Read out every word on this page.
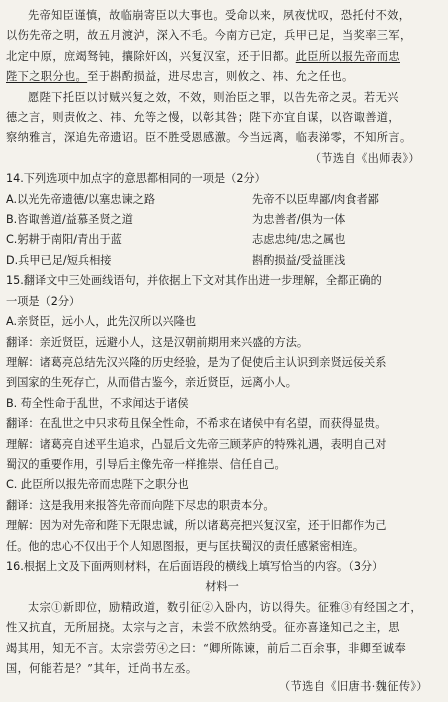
先帝知臣谨慎，故临崩寄臣以大事也。受命以来，夙夜忧叹，恐托付不效，
以伤先帝之明，故五月渡泸，深入不毛。今南方已定，兵甲已足，当奖率三军，
北定中原，庶竭驽钝，攘除奸凶，兴复汉室，还于旧都。此臣所以报先帝而忠
陛下之职分也。至于斟酌损益，进尽忠言，则攸之、祎、允之任也。
愿陛下托臣以讨贼兴复之效，不效，则治臣之罪，以告先帝之灵。若无兴
德之言，则责攸之、祎、允等之慢，以彰其咎；陛下亦宜自谋，以咨诹善道，
察纳雅言，深追先帝遗诏。臣不胜受恩感激。今当远离，临表涕零，不知所言。
（节选自《出师表》）
14.下列选项中加点字的意思都相同的一项是（2分）
A.以光先帝遗德/以塞忠谏之路	先帝不以臣卑鄙/肉食者鄙
B.咨诹善道/益慕圣贤之道	为忠善者/俱为一体
C.躬耕于南阳/青出于蓝	志虑忠纯/忠之属也
D.兵甲已足/短兵相接	斟酌损益/受益匪浅
15.翻译文中三处画线语句，并依据上下文对其作出进一步理解，全都正确的
一项是（2分）
A.亲贤臣，远小人，此先汉所以兴隆也
翻译：亲近贤臣，远避小人，这是汉朝前期用来兴盛的方法。
理解：诸葛亮总结先汉兴隆的历史经验，是为了促使后主认识到亲贤远佞关系
到国家的生死存亡，从而借古鉴今，亲近贤臣，远离小人。
B. 苟全性命于乱世，不求闻达于诸侯
翻译：在乱世之中只求苟且保全性命，不希求在诸侯中有名望，而获得显贵。
理解：诸葛亮自述平生追求，凸显后文先帝三顾茅庐的特殊礼遇，表明自己对
蜀汉的重要作用，引导后主像先帝一样推崇、信任自己。
C. 此臣所以报先帝而忠陛下之职分也
翻译：这是我用来报答先帝而向陛下尽忠的职责本分。
理解：因为对先帝和陛下无限忠诚，所以诸葛亮把兴复汉室，还于旧都作为己
任。他的忠心不仅出于个人知恩图报，更与匡扶蜀汉的责任感紧密相连。
16.根据上文及下面两则材料，在后面语段的横线上填写恰当的内容。（3分）
材料一
太宗①新即位，励精政道，数引征②入卧内，访以得失。征雅③有经国之才，
性又抗直，无所屈挠。太宗与之言，未尝不欣然纳受。征亦喜逢知己之主，思
竭其用，知无不言。太宗尝劳④之曰：“卿所陈谏，前后二百余事，非卿至诚奉
国，何能若是？”其年，迁尚书左丞。
（节选自《旧唐书·魏征传》）
